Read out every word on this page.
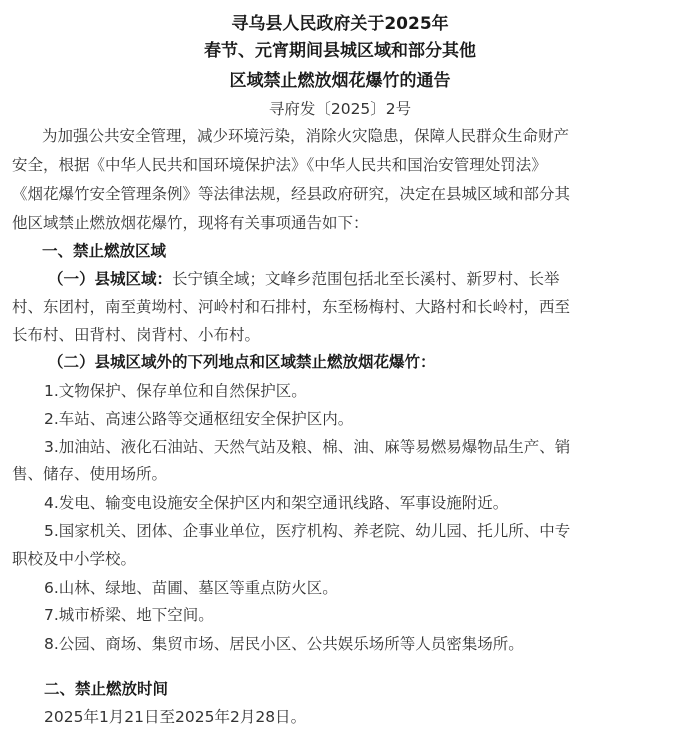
寻乌县人民政府关于2025年
春节、元宵期间县城区域和部分其他
区域禁止燃放烟花爆竹的通告
寻府发〔2025〕2号

为加强公共安全管理，减少环境污染，消除火灾隐患，保障人民群众生命财产

安全，根据《中华人民共和国环境保护法》《中华人民共和国治安管理处罚法》

《烟花爆竹安全管理条例》等法律法规，经县政府研究，决定在县城区域和部分其

他区域禁止燃放烟花爆竹，现将有关事项通告如下：

一、禁止燃放区域

（一）县城区域：长宁镇全域；文峰乡范围包括北至长溪村、新罗村、长举

村、东团村，南至黄坳村、河岭村和石排村，东至杨梅村、大路村和长岭村，西至

长布村、田背村、岗背村、小布村。

（二）县城区域外的下列地点和区域禁止燃放烟花爆竹：

1.文物保护、保存单位和自然保护区。

2.车站、高速公路等交通枢纽安全保护区内。

3.加油站、液化石油站、天然气站及粮、棉、油、麻等易燃易爆物品生产、销

售、储存、使用场所。

4.发电、输变电设施安全保护区内和架空通讯线路、军事设施附近。

5.国家机关、团体、企事业单位，医疗机构、养老院、幼儿园、托儿所、中专

职校及中小学校。

6.山林、绿地、苗圃、墓区等重点防火区。

7.城市桥梁、地下空间。

8.公园、商场、集贸市场、居民小区、公共娱乐场所等人员密集场所。

二、禁止燃放时间

2025年1月21日至2025年2月28日。
